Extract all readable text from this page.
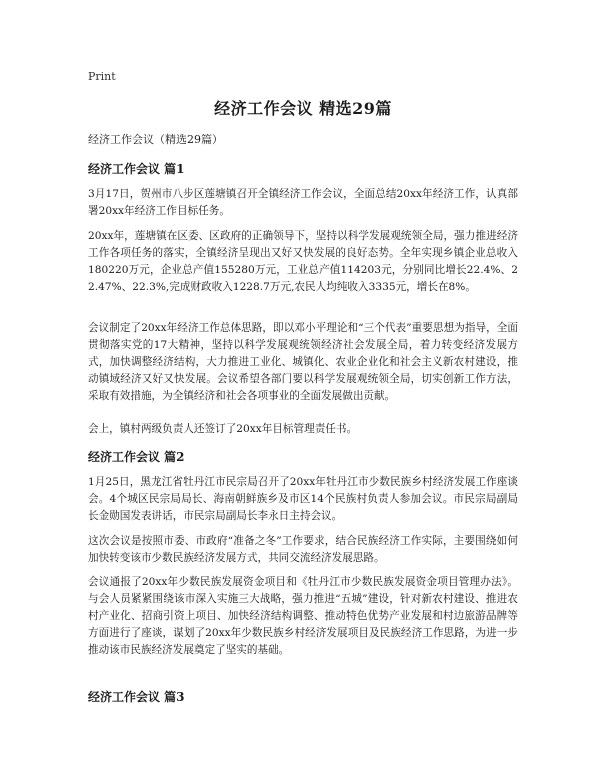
Print
经济工作会议 精选29篇
经济工作会议（精选29篇）
经济工作会议 篇1
3月17日，贺州市八步区莲塘镇召开全镇经济工作会议，全面总结20xx年经济工作，认真部署20xx年经济工作目标任务。
20xx年，莲塘镇在区委、区政府的正确领导下，坚持以科学发展观统领全局，强力推进经济工作各项任务的落实，全镇经济呈现出又好又快发展的良好态势。全年实现乡镇企业总收入180220万元，企业总产值155280万元，工业总产值114203元，分别同比增长22.4%、22.47%、22.3%,完成财政收入1228.7万元,农民人均纯收入3335元，增长在8%。
会议制定了20xx年经济工作总体思路，即以邓小平理论和“三个代表”重要思想为指导，全面贯彻落实党的17大精神，坚持以科学发展观统领经济社会发展全局，着力转变经济发展方式，加快调整经济结构，大力推进工业化、城镇化、农业企业化和社会主义新农村建设，推动镇域经济又好又快发展。会议希望各部门要以科学发展观统领全局，切实创新工作方法，采取有效措施，为全镇经济和社会各项事业的全面发展做出贡献。
会上，镇村两级负责人还签订了20xx年目标管理责任书。
经济工作会议 篇2
1月25日，黑龙江省牡丹江市民宗局召开了20xx年牡丹江市少数民族乡村经济发展工作座谈会。4个城区民宗局局长、海南朝鲜族乡及市区14个民族村负责人参加会议。市民宗局副局长金勋国发表讲话，市民宗局副局长李永日主持会议。
这次会议是按照市委、市政府“准备之冬”工作要求，结合民族经济工作实际，主要围绕如何加快转变该市少数民族经济发展方式，共同交流经济发展思路。
会议通报了20xx年少数民族发展资金项目和《牡丹江市少数民族发展资金项目管理办法》。与会人员紧紧围绕该市深入实施三大战略，强力推进“五城”建设，针对新农村建设、推进农村产业化、招商引资上项目、加快经济结构调整、推动特色优势产业发展和村边旅游品牌等方面进行了座谈，谋划了20xx年少数民族乡村经济发展项目及民族经济工作思路，为进一步推动该市民族经济发展奠定了坚实的基础。
经济工作会议 篇3
